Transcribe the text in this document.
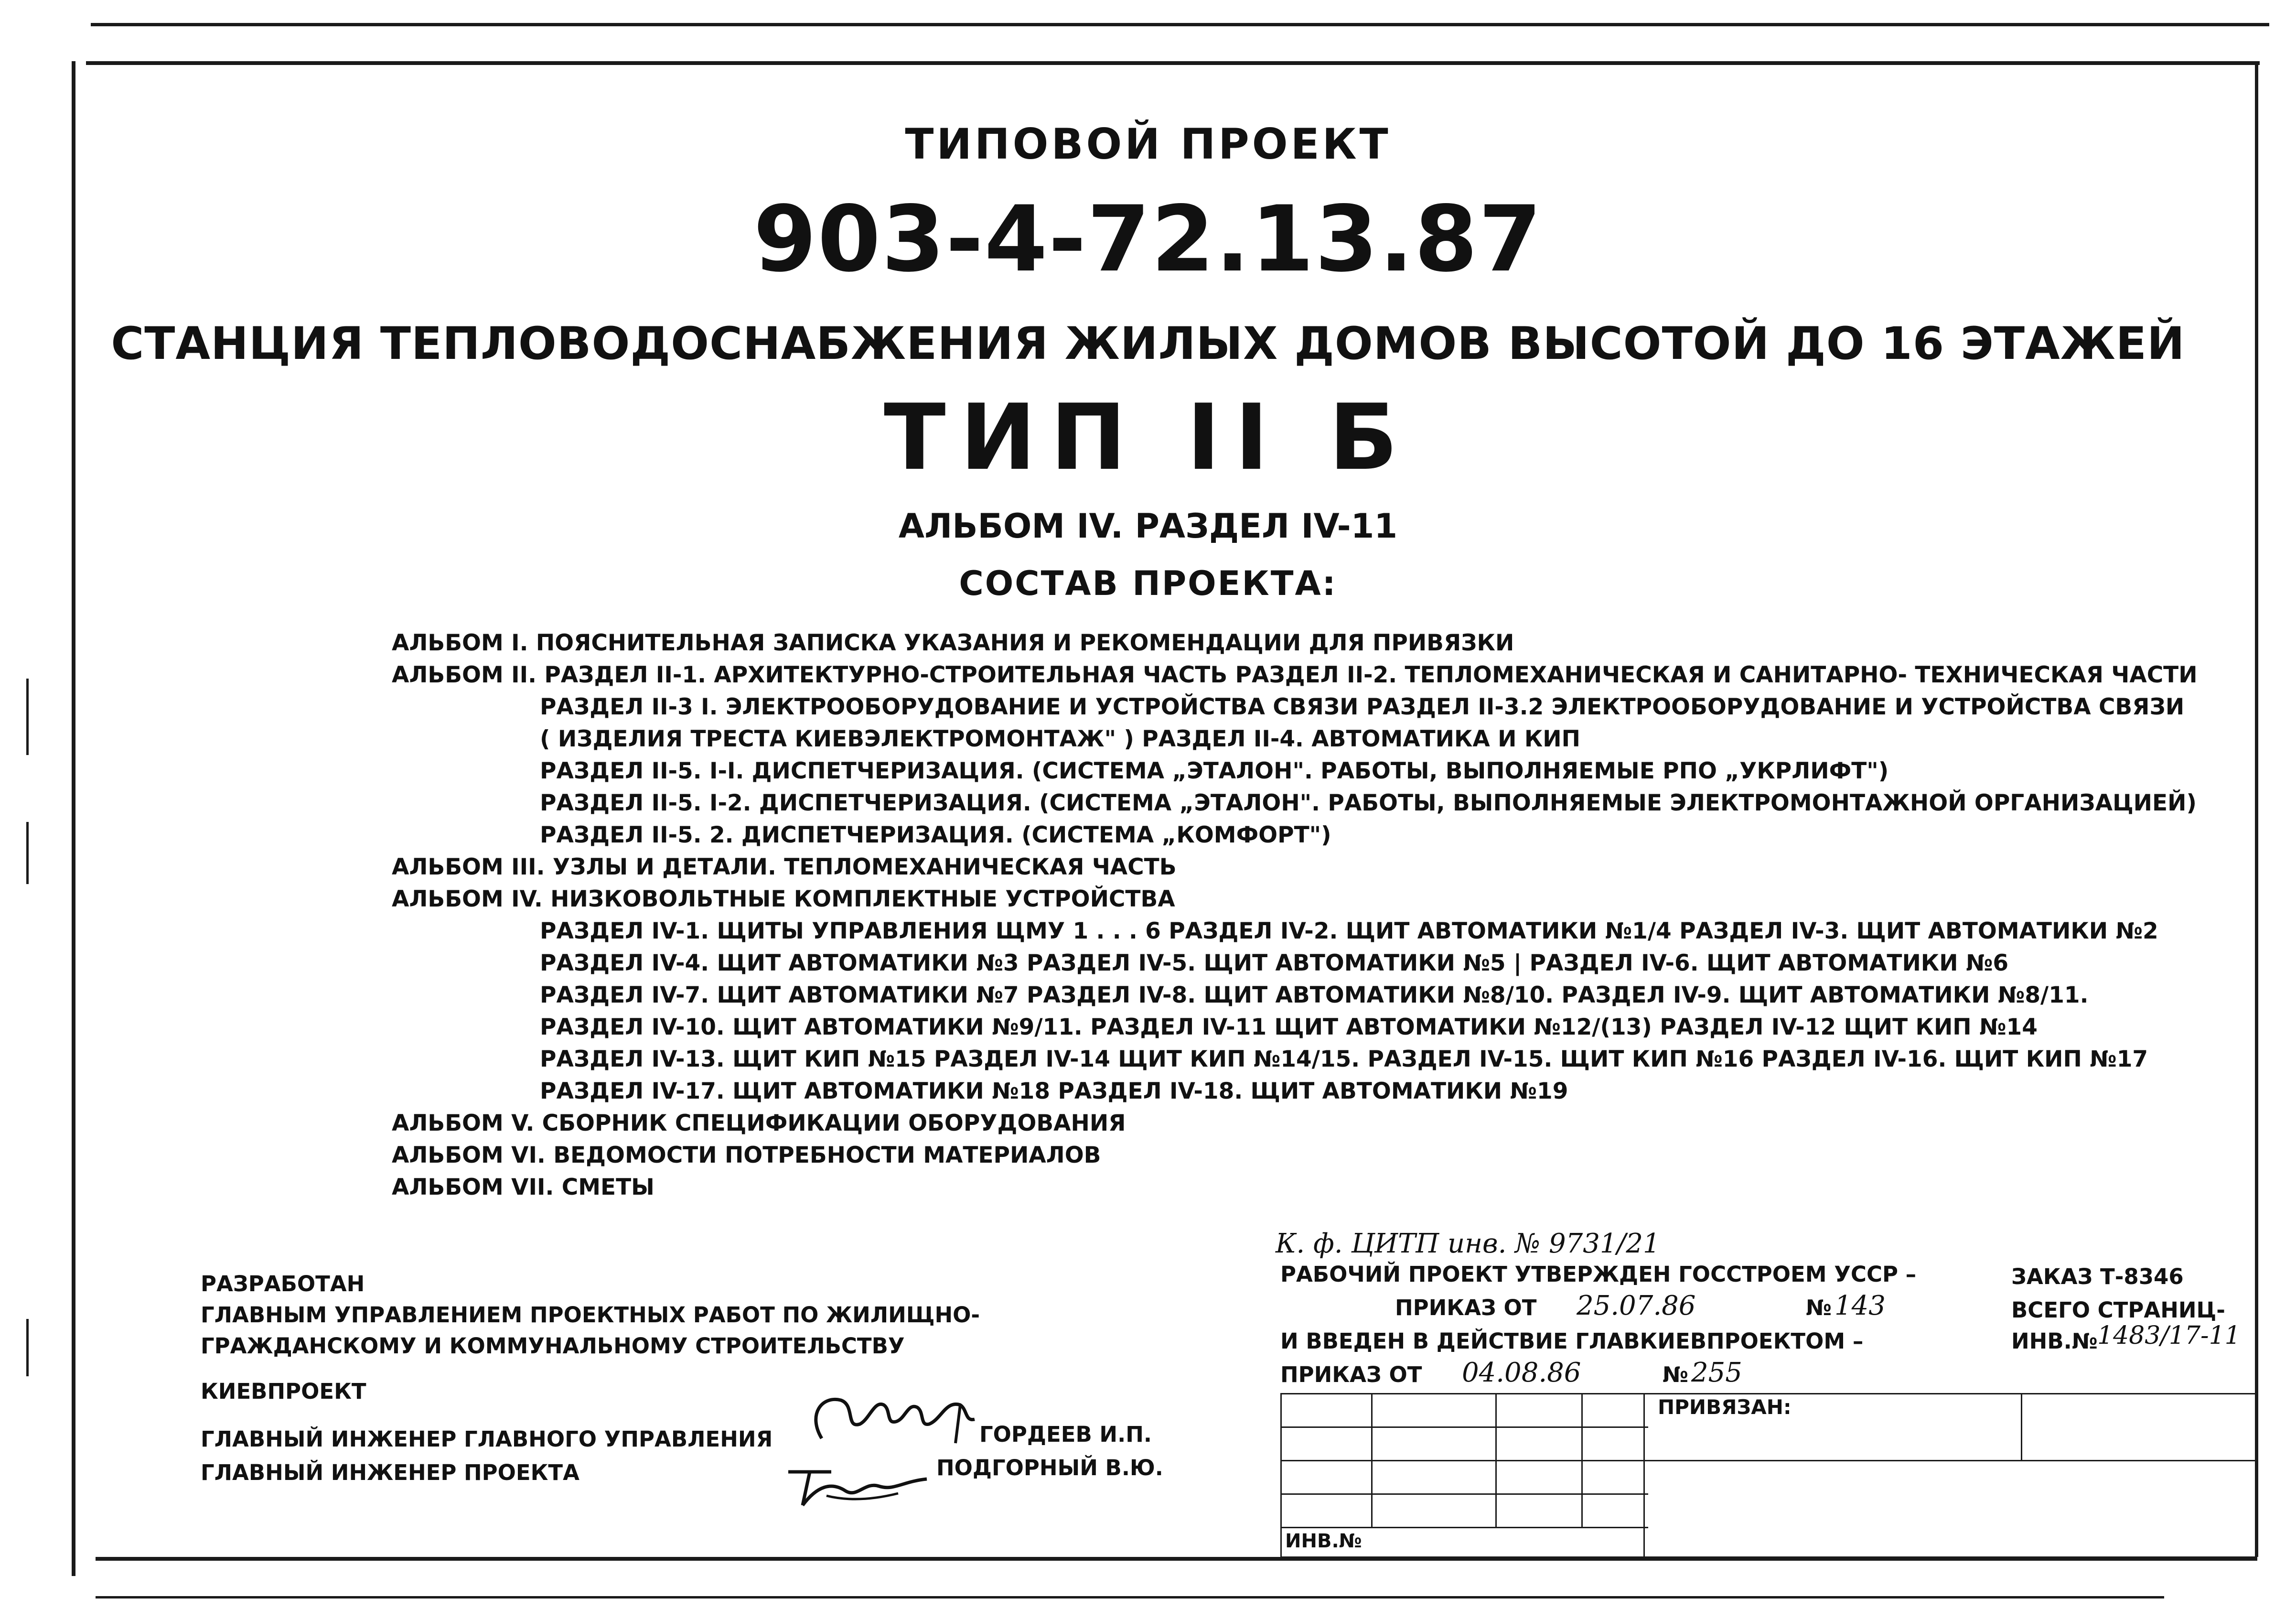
ТИПОВОЙ ПРОЕКТ
903-4-72.13.87
СТАНЦИЯ ТЕПЛОВОДОСНАБЖЕНИЯ ЖИЛЫХ ДОМОВ ВЫСОТОЙ ДО 16 ЭТАЖЕЙ
ТИП II Б
АЛЬБОМ IV. РАЗДЕЛ IV-11
СОСТАВ ПРОЕКТА:
АЛЬБОМ I. ПОЯСНИТЕЛЬНАЯ ЗАПИСКА УКАЗАНИЯ И РЕКОМЕНДАЦИИ ДЛЯ ПРИВЯЗКИ
АЛЬБОМ II. РАЗДЕЛ II-1. АРХИТЕКТУРНО-СТРОИТЕЛЬНАЯ ЧАСТЬ РАЗДЕЛ II-2. ТЕПЛОМЕХАНИЧЕСКАЯ И САНИТАРНО- ТЕХНИЧЕСКАЯ ЧАСТИ
РАЗДЕЛ II-3 I. ЭЛЕКТРООБОРУДОВАНИЕ И УСТРОЙСТВА СВЯЗИ РАЗДЕЛ II-3.2 ЭЛЕКТРООБОРУДОВАНИЕ И УСТРОЙСТВА СВЯЗИ
( ИЗДЕЛИЯ ТРЕСТА КИЕВЭЛЕКТРОМОНТАЖ" ) РАЗДЕЛ II-4. АВТОМАТИКА И КИП
РАЗДЕЛ II-5. I-I. ДИСПЕТЧЕРИЗАЦИЯ. (СИСТЕМА „ЭТАЛОН". РАБОТЫ, ВЫПОЛНЯЕМЫЕ РПО „УКРЛИФТ")
РАЗДЕЛ II-5. I-2. ДИСПЕТЧЕРИЗАЦИЯ. (СИСТЕМА „ЭТАЛОН". РАБОТЫ, ВЫПОЛНЯЕМЫЕ ЭЛЕКТРОМОНТАЖНОЙ ОРГАНИЗАЦИЕЙ)
РАЗДЕЛ II-5. 2. ДИСПЕТЧЕРИЗАЦИЯ. (СИСТЕМА „КОМФОРТ")
АЛЬБОМ III. УЗЛЫ И ДЕТАЛИ. ТЕПЛОМЕХАНИЧЕСКАЯ ЧАСТЬ
АЛЬБОМ IV. НИЗКОВОЛЬТНЫЕ КОМПЛЕКТНЫЕ УСТРОЙСТВА
РАЗДЕЛ IV-1. ЩИТЫ УПРАВЛЕНИЯ ЩМУ 1 . . . 6 РАЗДЕЛ IV-2. ЩИТ АВТОМАТИКИ №1/4 РАЗДЕЛ IV-3. ЩИТ АВТОМАТИКИ №2
РАЗДЕЛ IV-4. ЩИТ АВТОМАТИКИ №3 РАЗДЕЛ IV-5. ЩИТ АВТОМАТИКИ №5 | РАЗДЕЛ IV-6. ЩИТ АВТОМАТИКИ №6
РАЗДЕЛ IV-7. ЩИТ АВТОМАТИКИ №7 РАЗДЕЛ IV-8. ЩИТ АВТОМАТИКИ №8/10. РАЗДЕЛ IV-9. ЩИТ АВТОМАТИКИ №8/11.
РАЗДЕЛ IV-10. ЩИТ АВТОМАТИКИ №9/11. РАЗДЕЛ IV-11 ЩИТ АВТОМАТИКИ №12/(13) РАЗДЕЛ IV-12 ЩИТ КИП №14
РАЗДЕЛ IV-13. ЩИТ КИП №15 РАЗДЕЛ IV-14 ЩИТ КИП №14/15. РАЗДЕЛ IV-15. ЩИТ КИП №16 РАЗДЕЛ IV-16. ЩИТ КИП №17
РАЗДЕЛ IV-17. ЩИТ АВТОМАТИКИ №18 РАЗДЕЛ IV-18. ЩИТ АВТОМАТИКИ №19
АЛЬБОМ V. СБОРНИК СПЕЦИФИКАЦИИ ОБОРУДОВАНИЯ
АЛЬБОМ VI. ВЕДОМОСТИ ПОТРЕБНОСТИ МАТЕРИАЛОВ
АЛЬБОМ VII. СМЕТЫ
РАЗРАБОТАН
ГЛАВНЫМ УПРАВЛЕНИЕМ ПРОЕКТНЫХ РАБОТ ПО ЖИЛИЩНО-
ГРАЖДАНСКОМУ И КОММУНАЛЬНОМУ СТРОИТЕЛЬСТВУ
КИЕВПРОЕКТ
ГЛАВНЫЙ ИНЖЕНЕР ГЛАВНОГО УПРАВЛЕНИЯ	ГОРДЕЕВ И.П.
ГЛАВНЫЙ ИНЖЕНЕР ПРОЕКТА	ПОДГОРНЫЙ В.Ю.
К. ф. ЦИТП инв. № 9731/21
РАБОЧИЙ ПРОЕКТ УТВЕРЖДЕН ГОССТРОЕМ УССР –
ПРИКАЗ ОТ 25.07.86	№ 143
И ВВЕДЕН В ДЕЙСТВИЕ ГЛАВКИЕВПРОЕКТОМ –
ПРИКАЗ ОТ 04.08.86	№ 255
ЗАКАЗ Т-8346
ВСЕГО СТРАНИЦ-
ИНВ.№ 1483/17-11
ПРИВЯЗАН:
ИНВ.№
